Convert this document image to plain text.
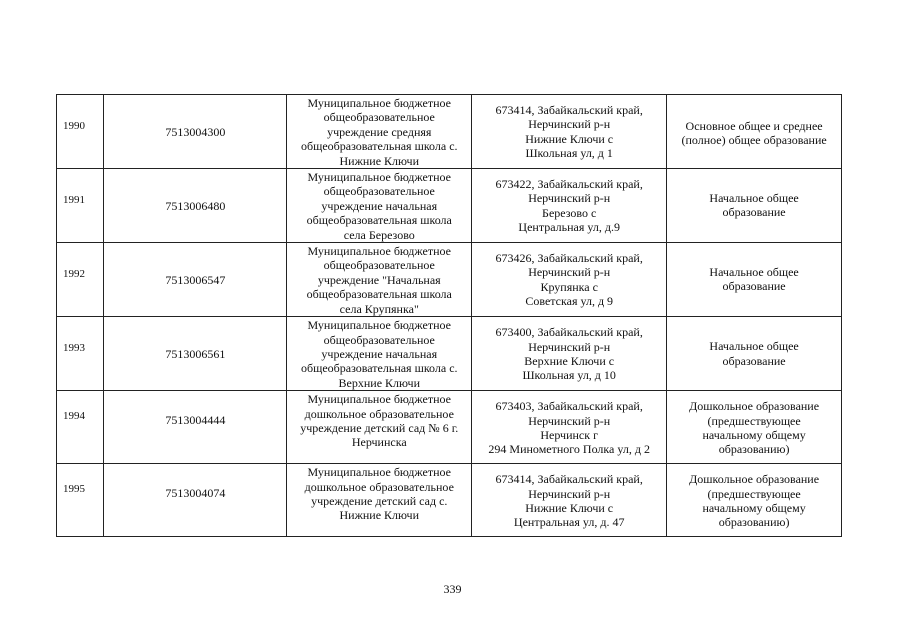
1990	7513004300	Муниципальное бюджетное
общеобразовательное
учреждение средняя
общеобразовательная школа с.
Нижние Ключи	673414, Забайкальский край,
Нерчинский р-н
Нижние Ключи с
Школьная ул, д 1	Основное общее и среднее
(полное) общее образование
1991	7513006480	Муниципальное бюджетное
общеобразовательное
учреждение начальная
общеобразовательная школа
села Березово	673422, Забайкальский край,
Нерчинский р-н
Березово с
Центральная ул, д.9	Начальное общее
образование
1992	7513006547	Муниципальное бюджетное
общеобразовательное
учреждение "Начальная
общеобразовательная школа
села Крупянка"	673426, Забайкальский край,
Нерчинский р-н
Крупянка с
Советская ул, д 9	Начальное общее
образование
1993	7513006561	Муниципальное бюджетное
общеобразовательное
учреждение начальная
общеобразовательная школа с.
Верхние Ключи	673400, Забайкальский край,
Нерчинский р-н
Верхние Ключи с
Школьная ул, д 10	Начальное общее
образование
1994	7513004444	Муниципальное бюджетное
дошкольное образовательное
учреждение детский сад № 6 г.
Нерчинска	673403, Забайкальский край,
Нерчинский р-н
Нерчинск г
294 Минометного Полка ул, д 2	Дошкольное образование
(предшествующее
начальному общему
образованию)
1995	7513004074	Муниципальное бюджетное
дошкольное образовательное
учреждение детский сад с.
Нижние Ключи	673414, Забайкальский край,
Нерчинский р-н
Нижние Ключи с
Центральная ул, д. 47	Дошкольное образование
(предшествующее
начальному общему
образованию)
339
